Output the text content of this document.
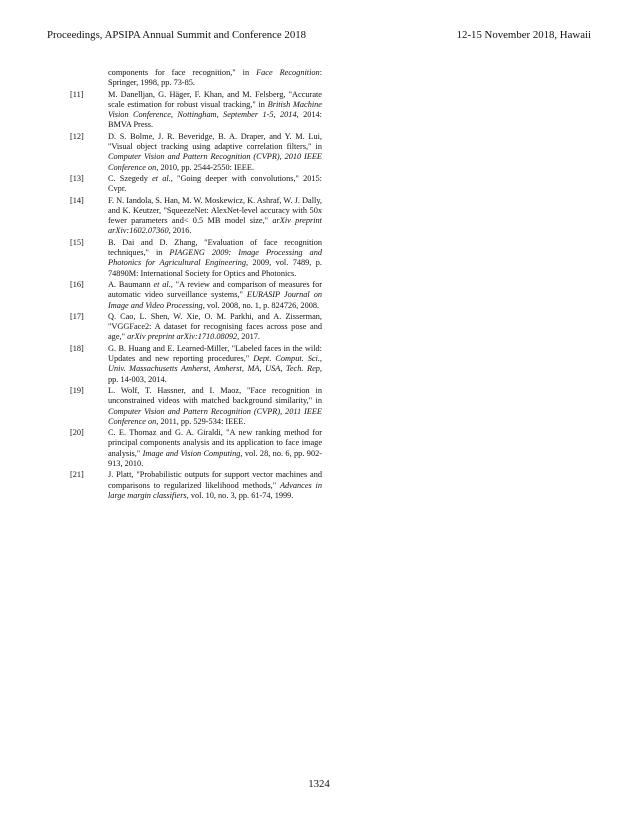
Proceedings, APSIPA Annual Summit and Conference 2018	12-15 November 2018, Hawaii
components for face recognition," in Face Recognition: Springer, 1998, pp. 73-85.
[11]	M. Danelljan, G. Häger, F. Khan, and M. Felsberg, "Accurate scale estimation for robust visual tracking," in British Machine Vision Conference, Nottingham, September 1-5, 2014, 2014: BMVA Press.
[12]	D. S. Bolme, J. R. Beveridge, B. A. Draper, and Y. M. Lui, "Visual object tracking using adaptive correlation filters," in Computer Vision and Pattern Recognition (CVPR), 2010 IEEE Conference on, 2010, pp. 2544-2550: IEEE.
[13]	C. Szegedy et al., "Going deeper with convolutions," 2015: Cvpr.
[14]	F. N. Iandola, S. Han, M. W. Moskewicz, K. Ashraf, W. J. Dally, and K. Keutzer, "SqueezeNet: AlexNet-level accuracy with 50x fewer parameters and< 0.5 MB model size," arXiv preprint arXiv:1602.07360, 2016.
[15]	B. Dai and D. Zhang, "Evaluation of face recognition techniques," in PIAGENG 2009: Image Processing and Photonics for Agricultural Engineering, 2009, vol. 7489, p. 74890M: International Society for Optics and Photonics.
[16]	A. Baumann et al., "A review and comparison of measures for automatic video surveillance systems," EURASIP Journal on Image and Video Processing, vol. 2008, no. 1, p. 824726, 2008.
[17]	Q. Cao, L. Shen, W. Xie, O. M. Parkhi, and A. Zisserman, "VGGFace2: A dataset for recognising faces across pose and age," arXiv preprint arXiv:1710.08092, 2017.
[18]	G. B. Huang and E. Learned-Miller, "Labeled faces in the wild: Updates and new reporting procedures," Dept. Comput. Sci., Univ. Massachusetts Amherst, Amherst, MA, USA, Tech. Rep, pp. 14-003, 2014.
[19]	L. Wolf, T. Hassner, and I. Maoz, "Face recognition in unconstrained videos with matched background similarity," in Computer Vision and Pattern Recognition (CVPR), 2011 IEEE Conference on, 2011, pp. 529-534: IEEE.
[20]	C. E. Thomaz and G. A. Giraldi, "A new ranking method for principal components analysis and its application to face image analysis," Image and Vision Computing, vol. 28, no. 6, pp. 902-913, 2010.
[21]	J. Platt, "Probabilistic outputs for support vector machines and comparisons to regularized likelihood methods," Advances in large margin classifiers, vol. 10, no. 3, pp. 61-74, 1999.
1324
